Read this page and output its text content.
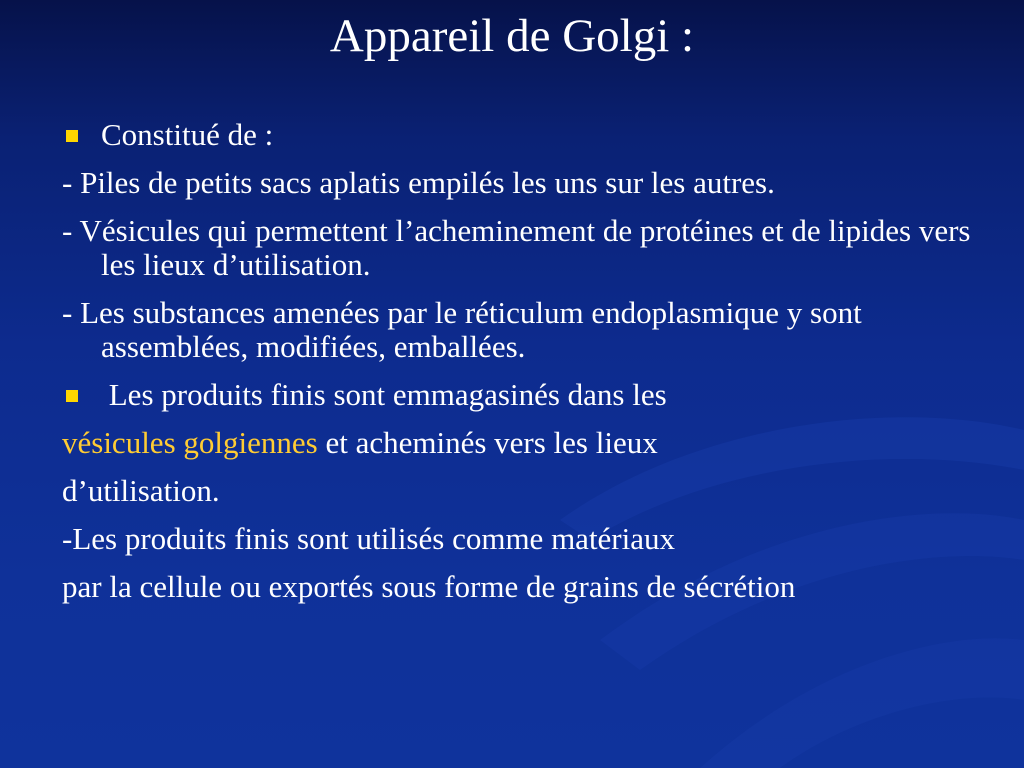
Appareil de Golgi :
Constitué de :
- Piles de petits sacs aplatis empilés les uns sur les autres.
- Vésicules qui permettent l’acheminement de protéines et de lipides vers les lieux d’utilisation.
- Les substances amenées par le réticulum endoplasmique y sont assemblées, modifiées, emballées.
Les produits finis sont emmagasinés dans les
vésicules golgiennes et acheminés vers les lieux
d’utilisation.
-Les produits finis sont utilisés comme matériaux
par la cellule ou exportés sous forme de grains de sécrétion
